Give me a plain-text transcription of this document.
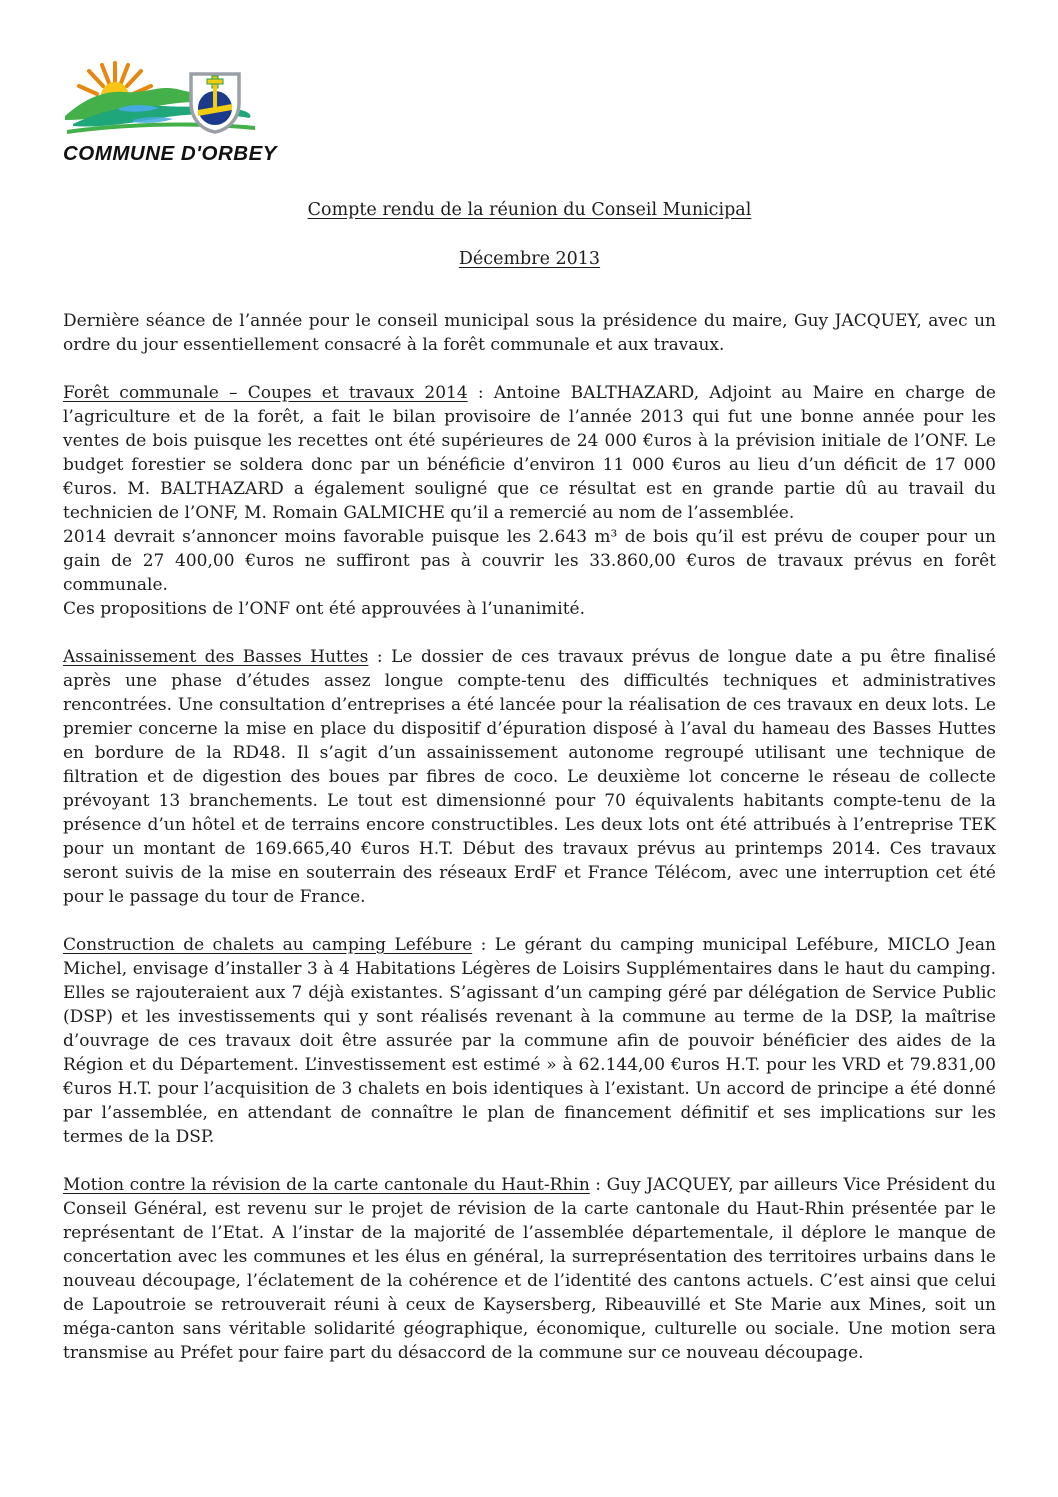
COMMUNE D'ORBEY
Compte rendu de la réunion du Conseil Municipal
Décembre 2013

Dernière séance de l’année pour le conseil municipal sous la présidence du maire, Guy JACQUEY, avec un ordre du jour essentiellement consacré à la forêt communale et aux travaux.

Forêt communale – Coupes et travaux 2014 : Antoine BALTHAZARD, Adjoint au Maire en charge de l’agriculture et de la forêt, a fait le bilan provisoire de l’année 2013 qui fut une bonne année pour les ventes de bois puisque les recettes ont été supérieures de 24 000 €uros à la prévision initiale de l’ONF. Le budget forestier se soldera donc par un bénéficie d’environ 11 000 €uros au lieu d’un déficit de 17 000 €uros. M. BALTHAZARD a également souligné que ce résultat est en grande partie dû au travail du technicien de l’ONF, M. Romain GALMICHE qu’il a remercié au nom de l’assemblée.

2014 devrait s’annoncer moins favorable puisque les 2.643 m³ de bois qu’il est prévu de couper pour un gain de 27 400,00 €uros ne suffiront pas à couvrir les 33.860,00 €uros de travaux prévus en forêt communale.

Ces propositions de l’ONF ont été approuvées à l’unanimité.

Assainissement des Basses Huttes : Le dossier de ces travaux prévus de longue date a pu être finalisé après une phase d’études assez longue compte-tenu des difficultés techniques et administratives rencontrées. Une consultation d’entreprises a été lancée pour la réalisation de ces travaux en deux lots. Le premier concerne la mise en place du dispositif d’épuration disposé à l’aval du hameau des Basses Huttes en bordure de la RD48. Il s’agit d’un assainissement autonome regroupé utilisant une technique de filtration et de digestion des boues par fibres de coco. Le deuxième lot concerne le réseau de collecte prévoyant 13 branchements. Le tout est dimensionné pour 70 équivalents habitants compte-tenu de la présence d’un hôtel et de terrains encore constructibles. Les deux lots ont été attribués à l’entreprise TEK pour un montant de 169.665,40 €uros H.T. Début des travaux prévus au printemps 2014. Ces travaux seront suivis de la mise en souterrain des réseaux ErdF et France Télécom, avec une interruption cet été pour le passage du tour de France.

Construction de chalets au camping Lefébure : Le gérant du camping municipal Lefébure, MICLO Jean Michel, envisage d’installer 3 à 4 Habitations Légères de Loisirs Supplémentaires dans le haut du camping. Elles se rajouteraient aux 7 déjà existantes. S’agissant d’un camping géré par délégation de Service Public (DSP) et les investissements qui y sont réalisés revenant à la commune au terme de la DSP, la maîtrise d’ouvrage de ces travaux doit être assurée par la commune afin de pouvoir bénéficier des aides de la Région et du Département. L’investissement est estimé » à 62.144,00 €uros H.T. pour les VRD et 79.831,00 €uros H.T. pour l’acquisition de 3 chalets en bois identiques à l’existant. Un accord de principe a été donné par l’assemblée, en attendant de connaître le plan de financement définitif et ses implications sur les termes de la DSP.

Motion contre la révision de la carte cantonale du Haut-Rhin : Guy JACQUEY, par ailleurs Vice Président du Conseil Général, est revenu sur le projet de révision de la carte cantonale du Haut-Rhin présentée par le représentant de l’Etat. A l’instar de la majorité de l’assemblée départementale, il déplore le manque de concertation avec les communes et les élus en général, la surreprésentation des territoires urbains dans le nouveau découpage, l’éclatement de la cohérence et de l’identité des cantons actuels. C’est ainsi que celui de Lapoutroie se retrouverait réuni à ceux de Kaysersberg, Ribeauvillé et Ste Marie aux Mines, soit un méga-canton sans véritable solidarité géographique, économique, culturelle ou sociale. Une motion sera transmise au Préfet pour faire part du désaccord de la commune sur ce nouveau découpage.
